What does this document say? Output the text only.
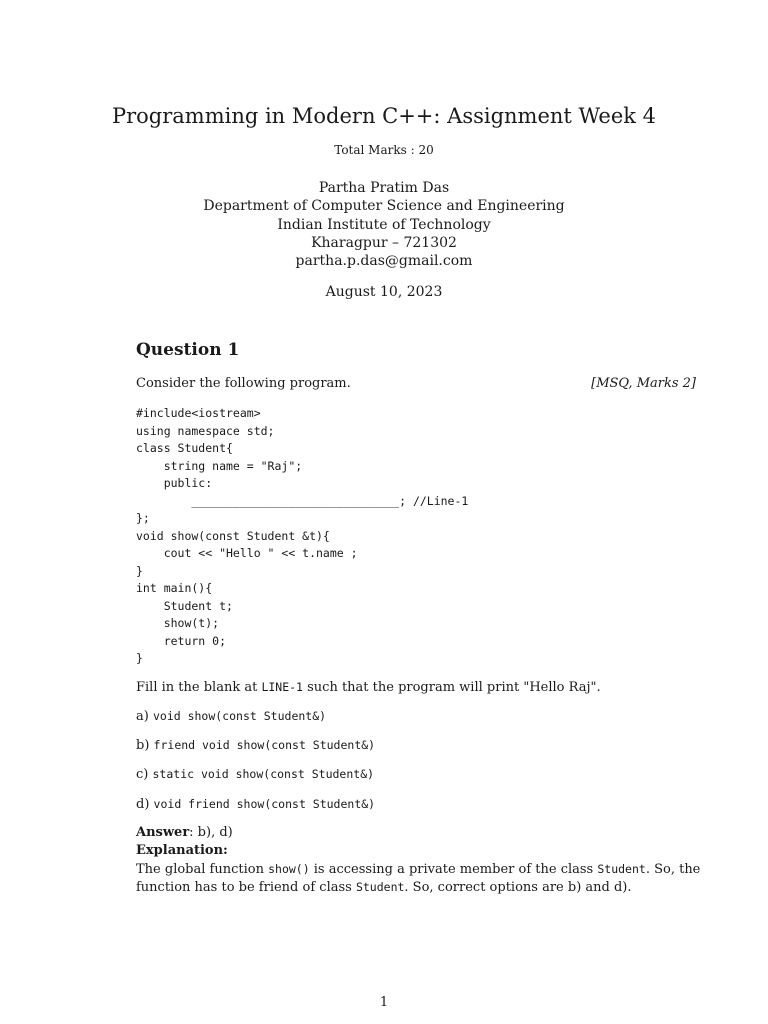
Programming in Modern C++: Assignment Week 4
Total Marks : 20
Partha Pratim Das
Department of Computer Science and Engineering
Indian Institute of Technology
Kharagpur – 721302
partha.p.das@gmail.com
August 10, 2023
Question 1
Consider the following program.	[MSQ, Marks 2]
#include<iostream>
using namespace std;
class Student{
string name = "Raj";
public:
______________________________; //Line-1
};
void show(const Student &t){
cout << "Hello " << t.name ;
}
int main(){
Student t;
show(t);
return 0;
}
Fill in the blank at LINE-1 such that the program will print "Hello Raj".
a) void show(const Student&)
b) friend void show(const Student&)
c) static void show(const Student&)
d) void friend show(const Student&)
Answer: b), d)
Explanation:
The global function show() is accessing a private member of the class Student. So, the function has to be friend of class Student. So, correct options are b) and d).
1
